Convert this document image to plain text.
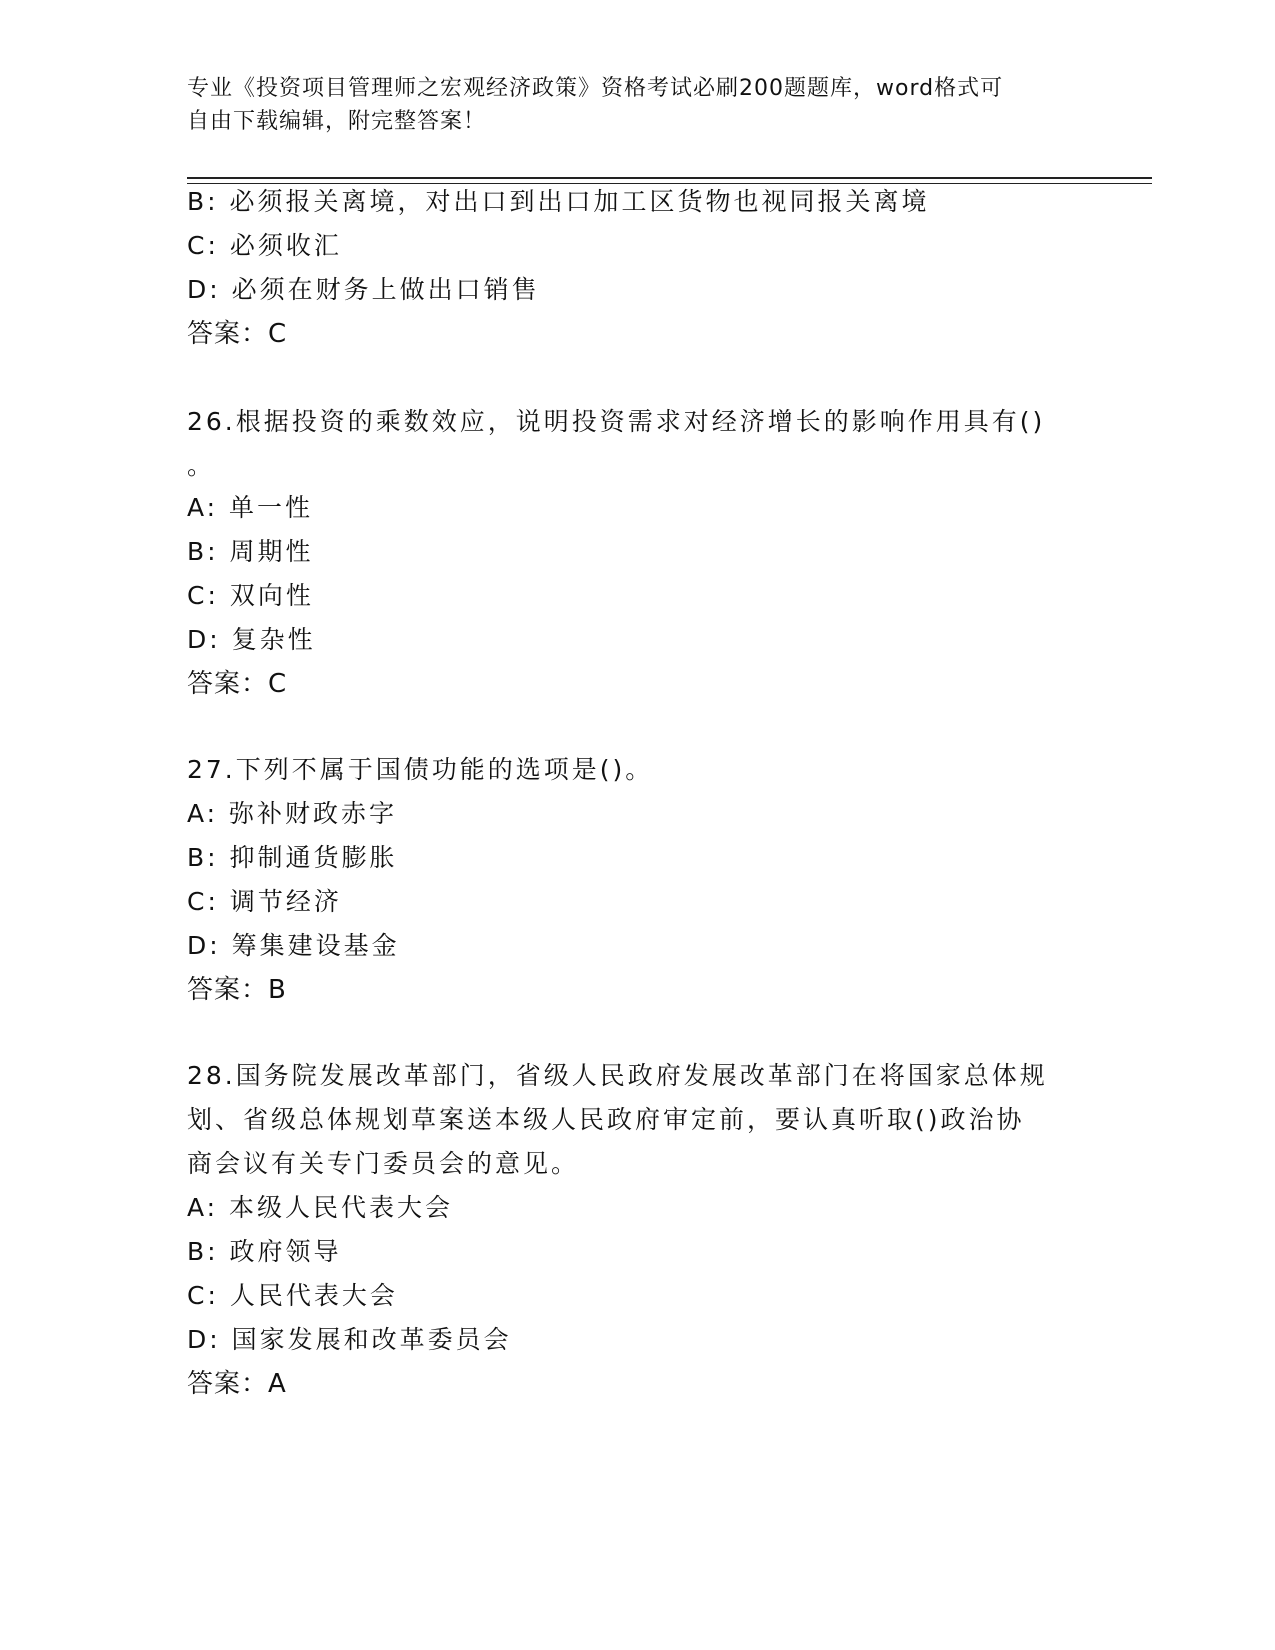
专业《投资项目管理师之宏观经济政策》资格考试必刷200题题库，word格式可
自由下载编辑，附完整答案！
B: 必须报关离境，对出口到出口加工区货物也视同报关离境
C: 必须收汇
D: 必须在财务上做出口销售
答案：C
26.根据投资的乘数效应，说明投资需求对经济增长的影响作用具有()
。
A: 单一性
B: 周期性
C: 双向性
D: 复杂性
答案：C
27.下列不属于国债功能的选项是()。
A: 弥补财政赤字
B: 抑制通货膨胀
C: 调节经济
D: 筹集建设基金
答案：B
28.国务院发展改革部门，省级人民政府发展改革部门在将国家总体规
划、省级总体规划草案送本级人民政府审定前，要认真听取()政治协
商会议有关专门委员会的意见。
A: 本级人民代表大会
B: 政府领导
C: 人民代表大会
D: 国家发展和改革委员会
答案：A
